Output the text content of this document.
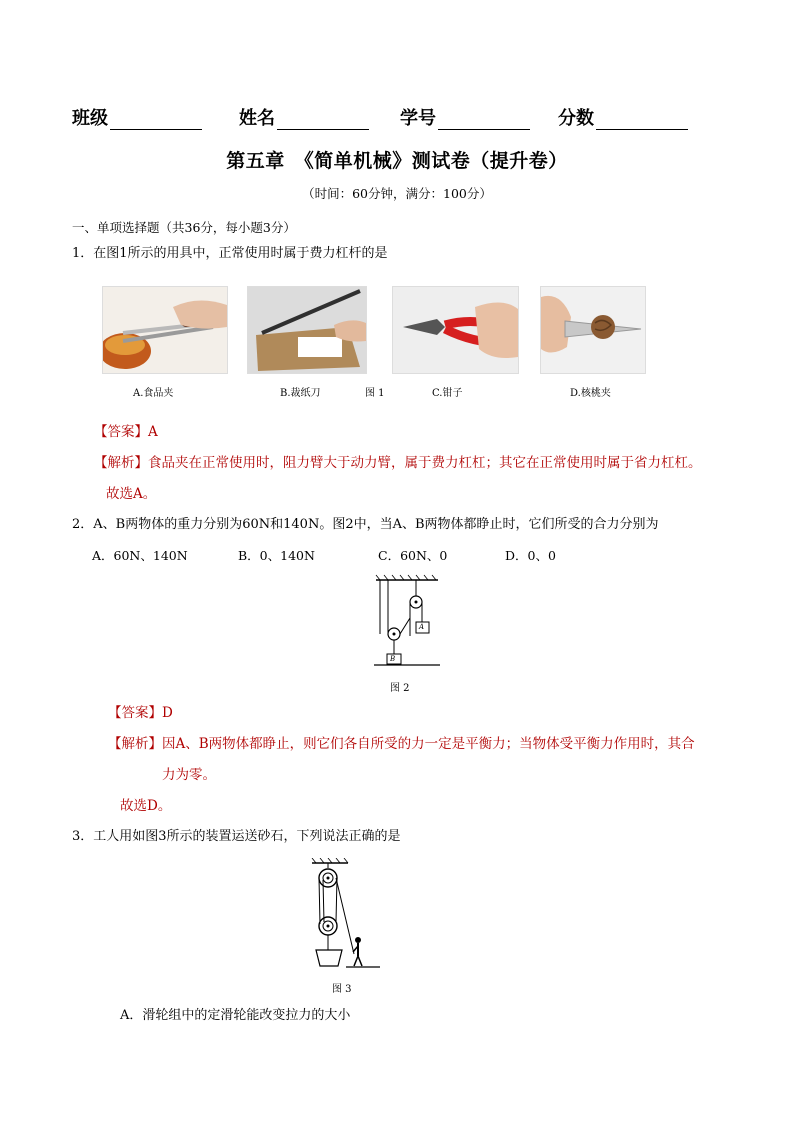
班级	姓名	学号	分数
第五章　《简单机械》测试卷（提升卷）
（时间：60分钟，满分：100分）
一、单项选择题（共36分，每小题3分）
1．在图1所示的用具中，正常使用时属于费力杠杆的是
A.食品夹	B.裁纸刀	图 1	C.钳子	D.核桃夹
【答案】A
【解析】食品夹在正常使用时，阻力臂大于动力臂，属于费力杠杠；其它在正常使用时属于省力杠杠。
故选A。
2．A、B两物体的重力分别为60N和140N。图2中，当A、B两物体都睁止时，它们所受的合力分别为
A．60N、140N	B．0、140N	C．60N、0	D．0、0
A
B
图 2
【答案】D
【解析】因A、B两物体都睁止，则它们各自所受的力一定是平衡力；当物体受平衡力作用时，其合
力为零。
故选D。
3．工人用如图3所示的装置运送砂石，下列说法正确的是
图 3
A．滑轮组中的定滑轮能改变拉力的大小
